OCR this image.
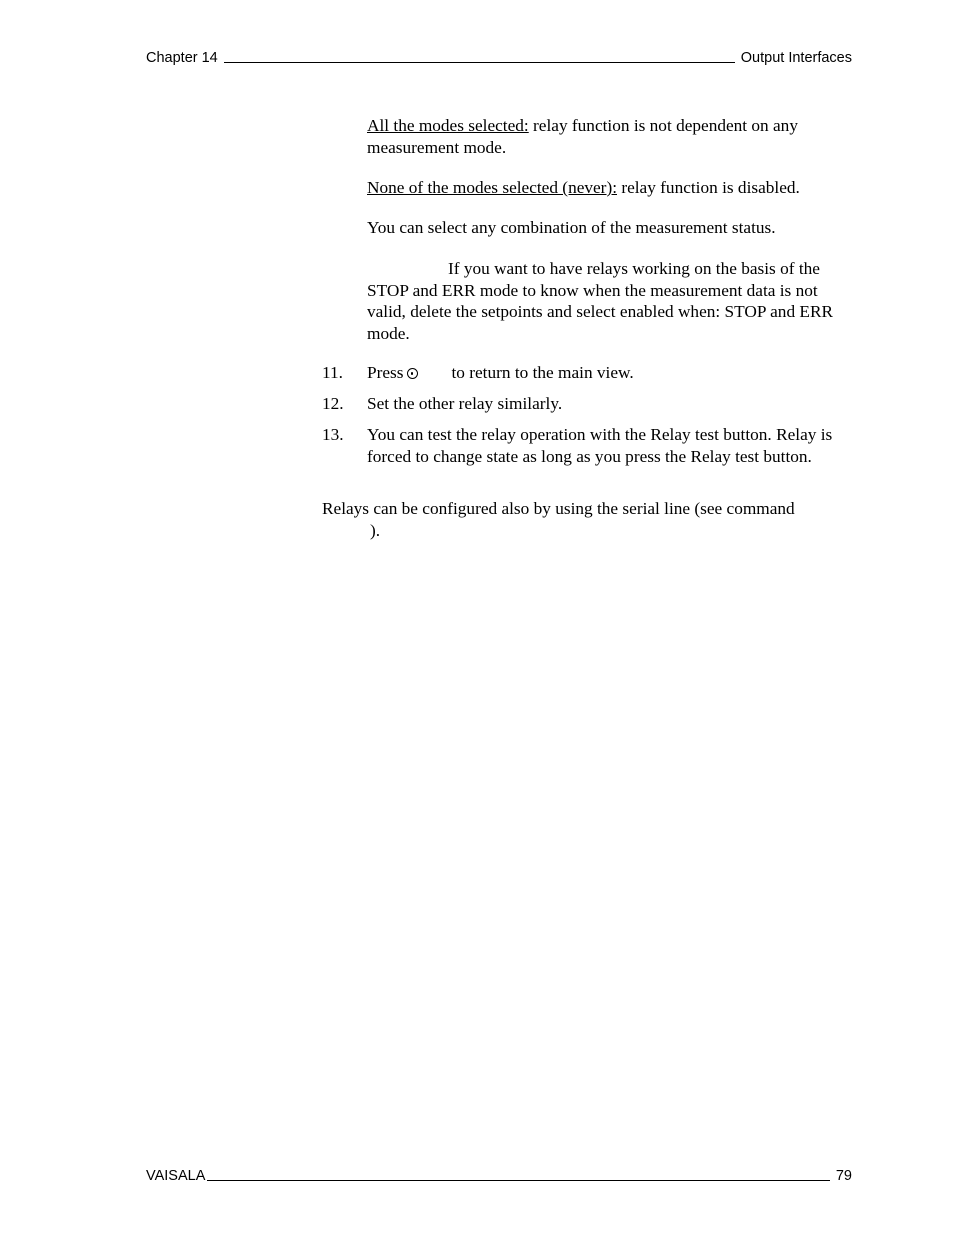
Chapter 14	Output Interfaces

All the modes selected: relay function is not dependent on any measurement mode.

None of the modes selected (never): relay function is disabled.

You can select any combination of the measurement status.

If you want to have relays working on the basis of the STOP and ERR mode to know when the measurement data is not valid, delete the setpoints and select enabled when: STOP and ERR mode.

11. Press	to return to the main view.
12. Set the other relay similarly.
13. You can test the relay operation with the Relay test button. Relay is forced to change state as long as you press the Relay test button.

Relays can be configured also by using the serial line (see command
).

VAISALA	79
